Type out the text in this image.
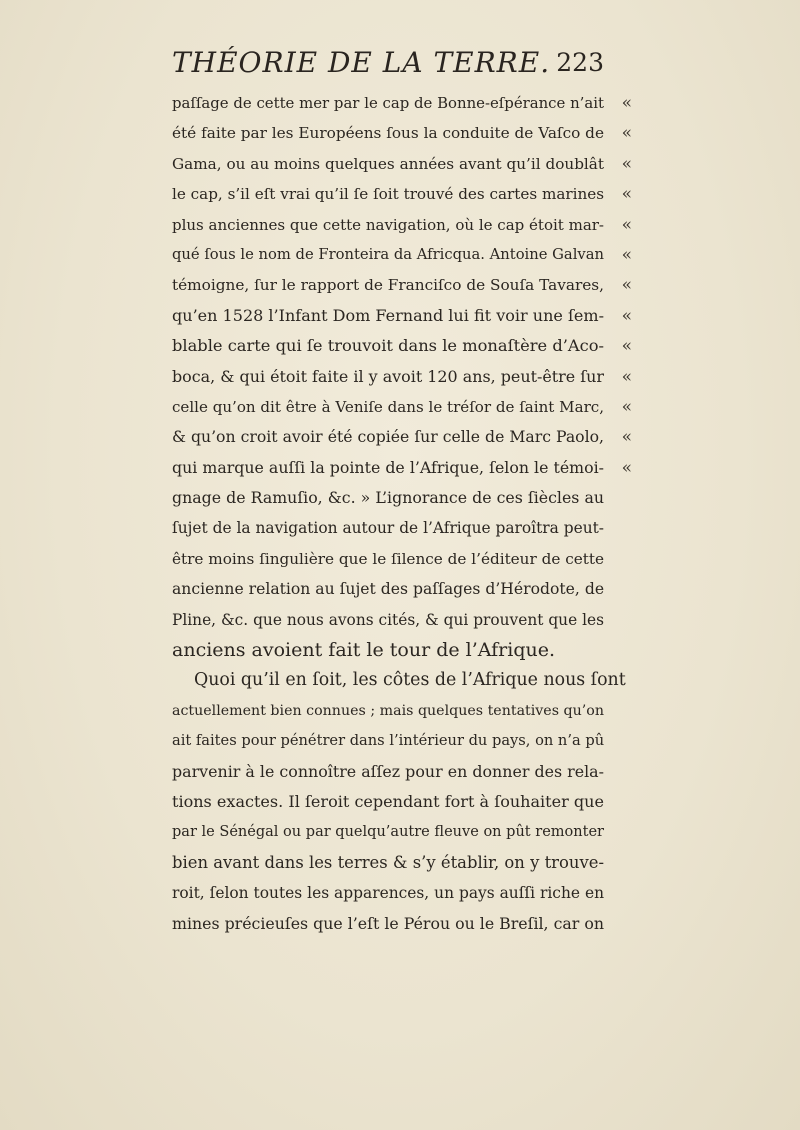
THÉORIE DE LA TERRE. 223
paſſage de cette mer par le cap de Bonne-eſpérance n’ait «
été faite par les Européens ſous la conduite de Vaſco de «
Gama, ou au moins quelques années avant qu’il doublât «
le cap, s’il eſt vrai qu’il ſe ſoit trouvé des cartes marines «
plus anciennes que cette navigation, où le cap étoit mar- «
qué ſous le nom de Fronteira da Africqua. Antoine Galvan «
témoigne, ſur le rapport de Franciſco de Souſa Tavares, «
qu’en 1528 l’Infant Dom Fernand lui fit voir une ſem- «
blable carte qui ſe trouvoit dans le monaſtère d’Aco- «
boca, & qui étoit faite il y avoit 120 ans, peut-être ſur «
celle qu’on dit être à Veniſe dans le tréſor de ſaint Marc, «
& qu’on croit avoir été copiée ſur celle de Marc Paolo, «
qui marque auſſi la pointe de l’Afrique, ſelon le témoi- «
gnage de Ramuſio, &c. » L’ignorance de ces ſiècles au
ſujet de la navigation autour de l’Afrique paroîtra peut-
être moins ſingulière que le ſilence de l’éditeur de cette
ancienne relation au ſujet des paſſages d’Hérodote, de
Pline, &c. que nous avons cités, & qui prouvent que les
anciens avoient fait le tour de l’Afrique.
Quoi qu’il en ſoit, les côtes de l’Afrique nous ſont
actuellement bien connues ; mais quelques tentatives qu’on
ait faites pour pénétrer dans l’intérieur du pays, on n’a pû
parvenir à le connoître aſſez pour en donner des rela-
tions exactes. Il ſeroit cependant fort à ſouhaiter que
par le Sénégal ou par quelqu’autre fleuve on pût remonter
bien avant dans les terres & s’y établir, on y trouve-
roit, ſelon toutes les apparences, un pays auſſi riche en
mines précieuſes que l’eſt le Pérou ou le Breſil, car on
